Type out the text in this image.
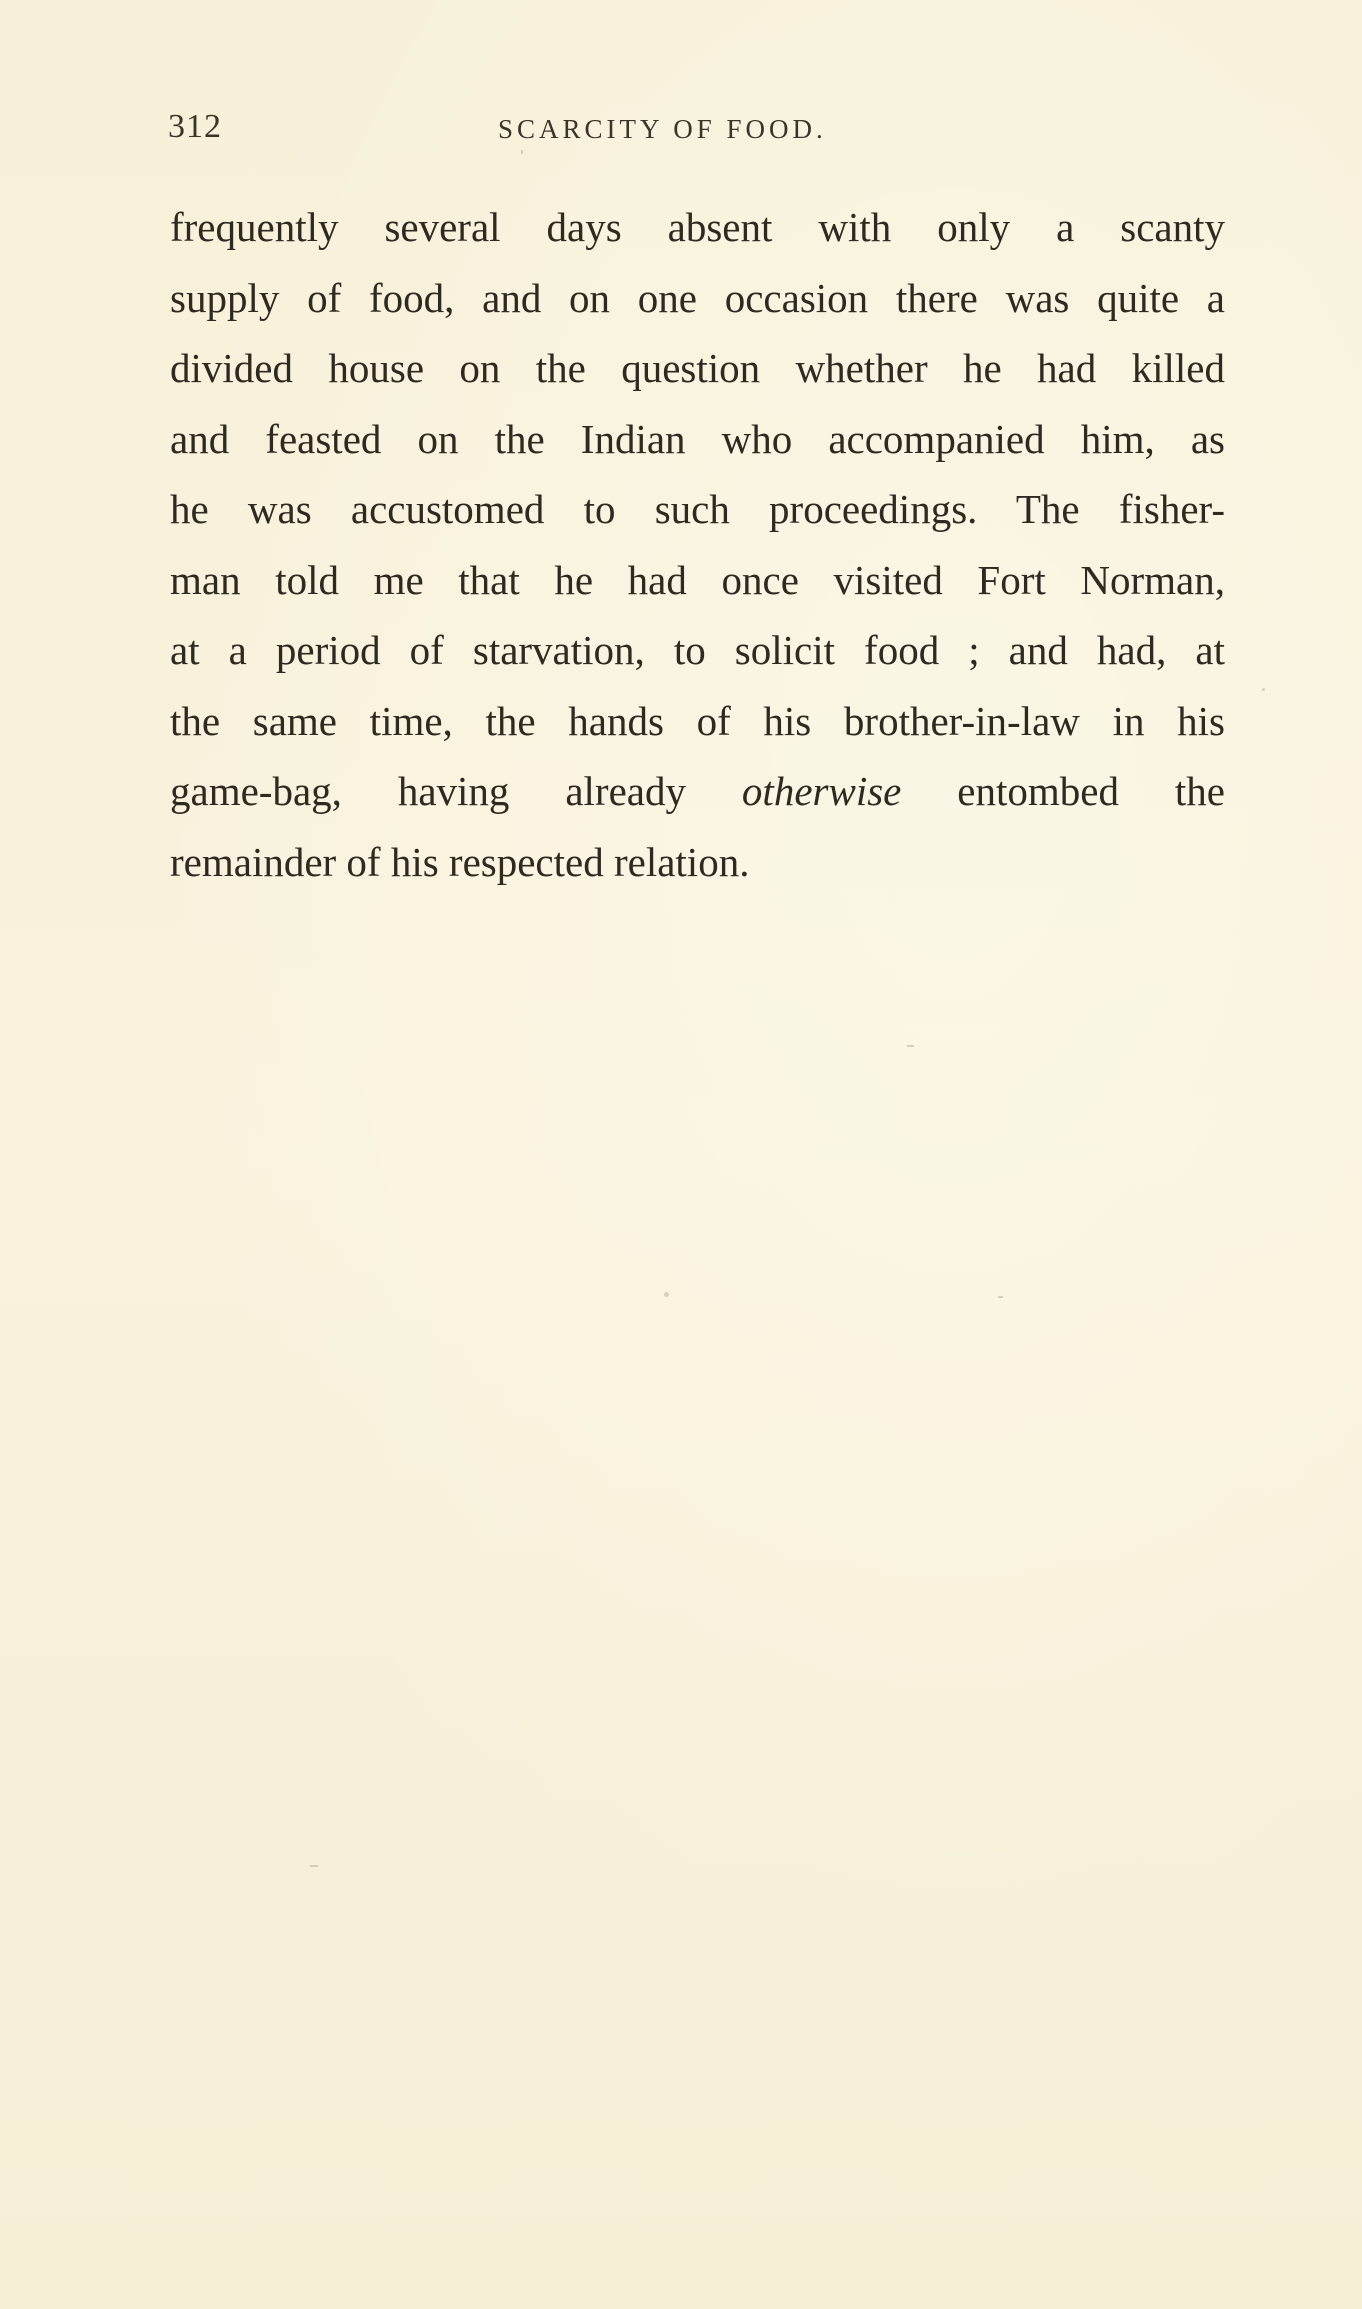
312	SCARCITY OF FOOD.
frequently several days absent with only a scanty
supply of food, and on one occasion there was quite a
divided house on the question whether he had killed
and feasted on the Indian who accompanied him, as
he was accustomed to such proceedings. The fisher-
man told me that he had once visited Fort Norman,
at a period of starvation, to solicit food ; and had, at
the same time, the hands of his brother-in-law in his
game-bag, having already otherwise entombed the
remainder of his respected relation.
